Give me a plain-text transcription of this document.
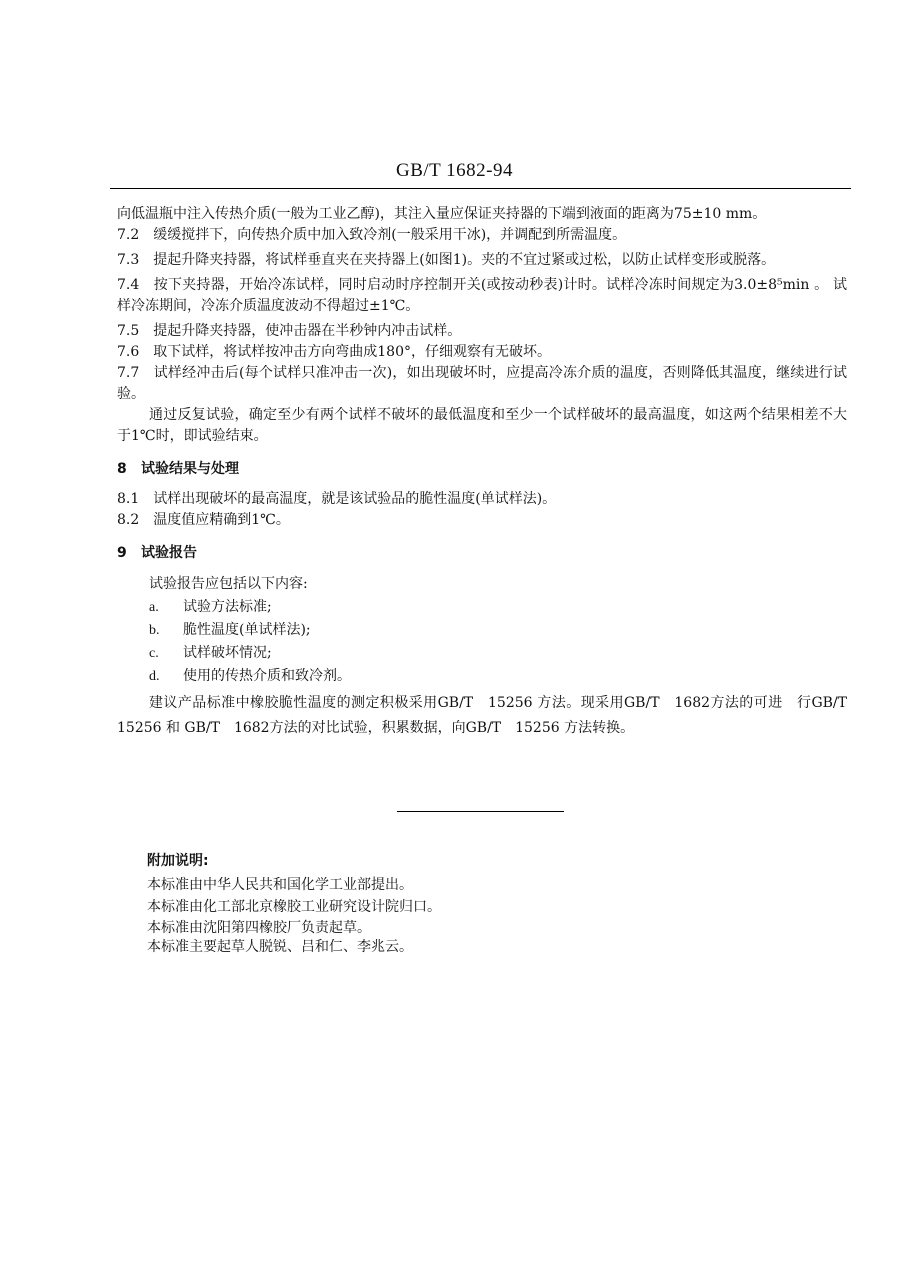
GB/T 1682-94

向低温瓶中注入传热介质(一般为工业乙醇)，其注入量应保证夹持器的下端到液面的距离为75±10 mm。

7.2　缓缓搅拌下，向传热介质中加入致冷剂(一般采用干冰)，并调配到所需温度。

7.3　提起升降夹持器，将试样垂直夹在夹持器上(如图1)。夹的不宜过紧或过松，以防止试样变形或脱落。

7.4　按下夹持器，开始冷冻试样，同时启动时序控制开关(或按动秒表)计时。试样冷冻时间规定为3.0±8⁵min 。 试样冷冻期间，冷冻介质温度波动不得超过±1℃。

7.5　提起升降夹持器，使冲击器在半秒钟内冲击试样。

7.6　取下试样，将试样按冲击方向弯曲成180°，仔细观察有无破坏。

7.7　试样经冲击后(每个试样只准冲击一次)，如出现破坏时，应提高冷冻介质的温度，否则降低其温度，继续进行试验。

通过反复试验，确定至少有两个试样不破坏的最低温度和至少一个试样破坏的最高温度，如这两个结果相差不大于1℃时，即试验结束。

8 试验结果与处理

8.1　试样出现破坏的最高温度，就是该试验品的脆性温度(单试样法)。

8.2　温度值应精确到1℃。

9 试验报告

试验报告应包括以下内容:

a. 试验方法标准;

b. 脆性温度(单试样法);

c. 试样破坏情况;

d. 使用的传热介质和致冷剂。

建议产品标准中橡胶脆性温度的测定积极采用GB/T　15256 方法。现采用GB/T　1682方法的可进　行GB/T　15256 和 GB/T　1682方法的对比试验，积累数据，向GB/T　15256 方法转换。

附加说明:

本标准由中华人民共和国化学工业部提出。

本标准由化工部北京橡胶工业研究设计院归口。

本标准由沈阳第四橡胶厂负责起草。

本标准主要起草人脱锐、吕和仁、李兆云。
